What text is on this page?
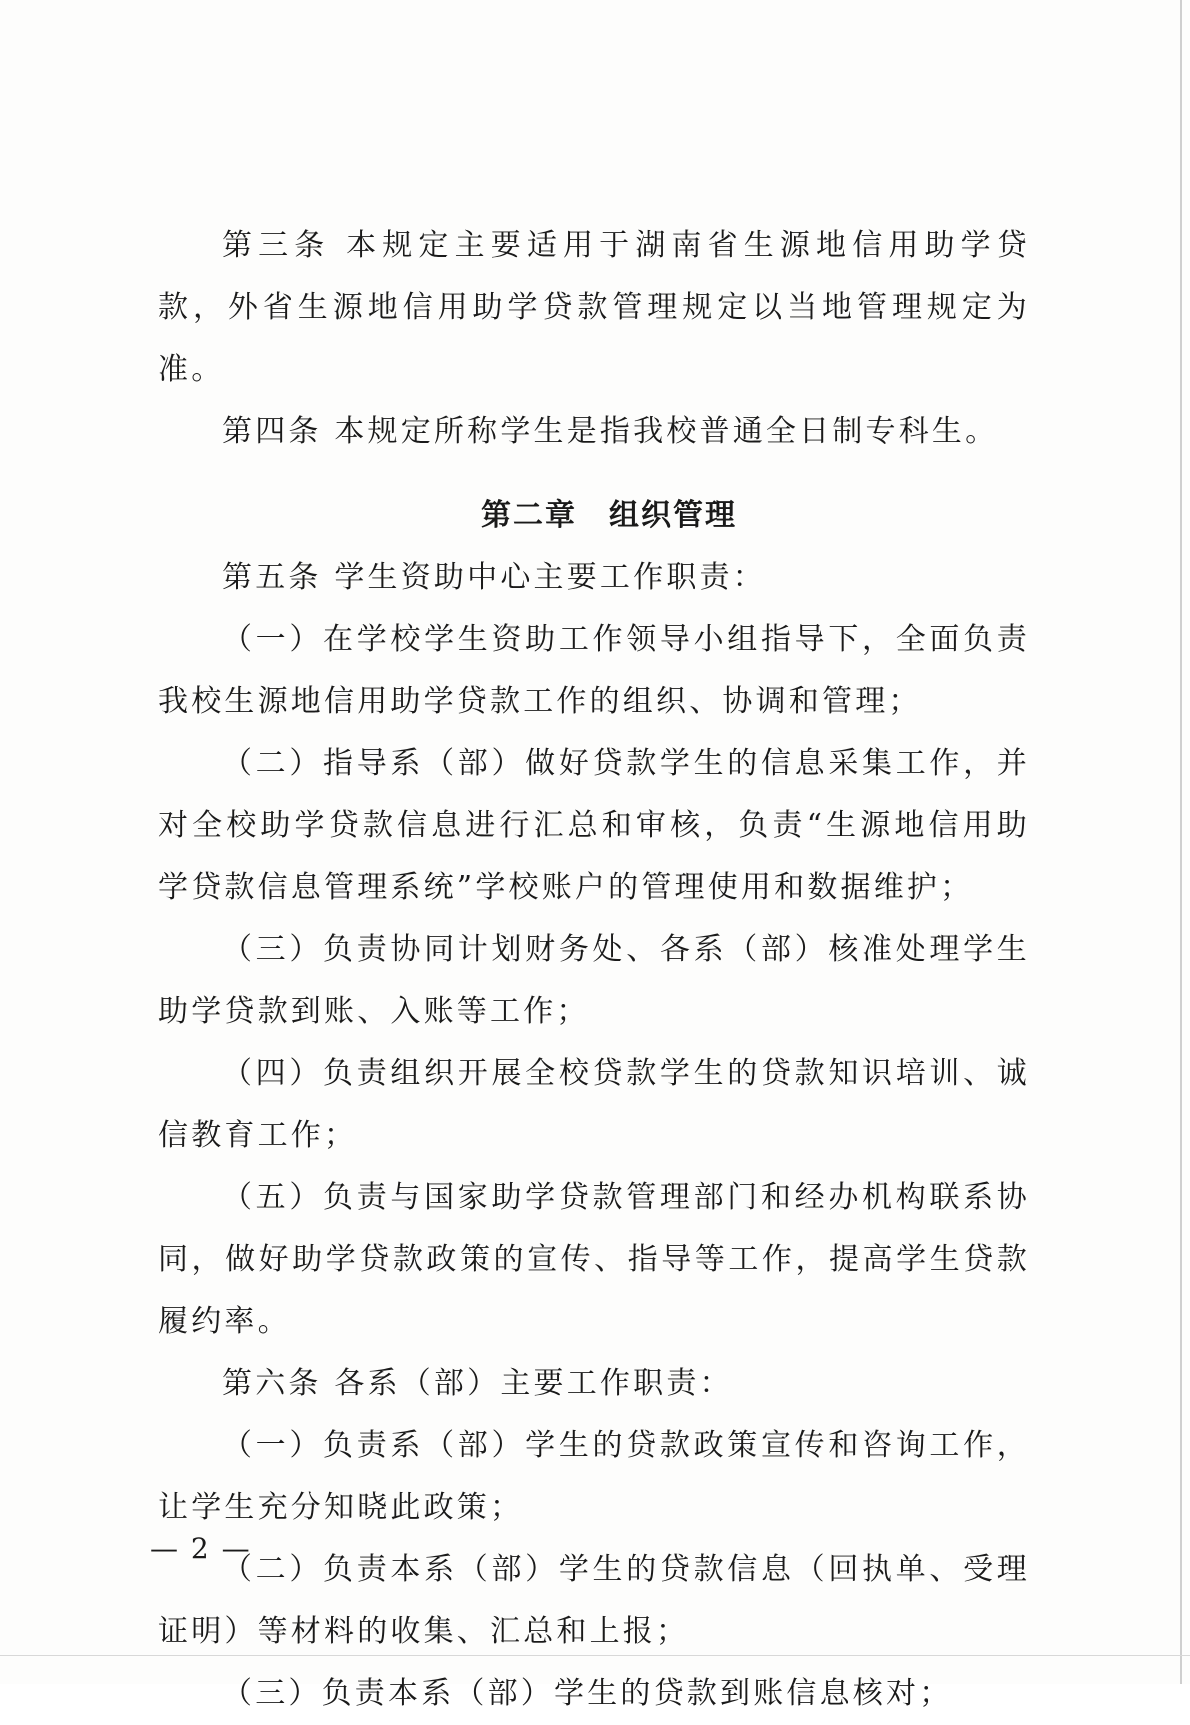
第三条 本规定主要适用于湖南省生源地信用助学贷款，外省生源地信用助学贷款管理规定以当地管理规定为准。

第四条 本规定所称学生是指我校普通全日制专科生。

第二章　组织管理

第五条 学生资助中心主要工作职责：

（一）在学校学生资助工作领导小组指导下，全面负责我校生源地信用助学贷款工作的组织、协调和管理；

（二）指导系（部）做好贷款学生的信息采集工作，并对全校助学贷款信息进行汇总和审核，负责“生源地信用助学贷款信息管理系统”学校账户的管理使用和数据维护；

（三）负责协同计划财务处、各系（部）核准处理学生助学贷款到账、入账等工作；

（四）负责组织开展全校贷款学生的贷款知识培训、诚信教育工作；

（五）负责与国家助学贷款管理部门和经办机构联系协同，做好助学贷款政策的宣传、指导等工作，提高学生贷款履约率。

第六条 各系（部）主要工作职责：

（一）负责系（部）学生的贷款政策宣传和咨询工作，让学生充分知晓此政策；

（二）负责本系（部）学生的贷款信息（回执单、受理证明）等材料的收集、汇总和上报；

（三）负责本系（部）学生的贷款到账信息核对；

— 2 —
